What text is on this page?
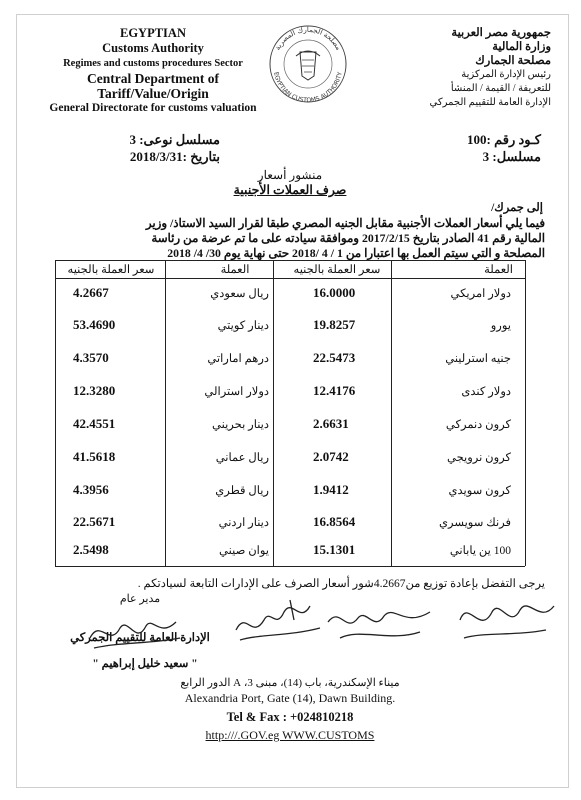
EGYPTIAN
Customs Authority
Regimes and customs procedures Sector
Central Department of
Tariff/Value/Origin
General Directorate for customs valuation
مصلحة الجمارك المصرية
EGYPTIAN CUSTOMS AUTHORITY
جمهورية مصر العربية
وزارة المالية
مصلحة الجمارك
رئيس الإدارة المركزية
للتعريفة / القيمة / المنشأ
الإدارة العامة للتقييم الجمركي
كـود رقم :100
مسلسل: 3
مسلسل نوعى: 3
بتاريخ :2018/3/31
منشور أسعار
صرف العملات الأجنبية
إلى جمرك/
فيما يلي أسعار العملات الأجنبية مقابل الجنيه المصري طبقا لقرار السيد الاستاذ/ وزير
المالية رقم 41 الصادر بتاريخ 2017/2/15 وموافقة سيادته على ما تم عرضة من رئاسة
المصلحة و التي سيتم العمل بها اعتبارا من 1 / 4 /2018 حتى نهاية يوم 30/ 4/ 2018
العملة
سعر العملة بالجنيه
العملة
سعر العملة بالجنيه
دولار امريكي
16.0000
ريال سعودي
4.2667
يورو
19.8257
دينار كويتي
53.4690
جنيه استرليني
22.5473
درهم اماراتي
4.3570
دولار كندى
12.4176
دولار استرالي
12.3280
كرون دنمركي
2.6631
دينار بحريني
42.4551
كرون نرويجي
2.0742
ريال عماني
41.5618
كرون سويدي
1.9412
ريال قطري
4.3956
فرنك سويسري
16.8564
دينار اردني
22.5671
100 ين ياباني
15.1301
يوان صيني
2.5498
يرجى التفضل بإعادة توزيع من4.2667شور أسعار الصرف على الإدارات التابعة لسيادتكم .
مدير عام
الإدارة العامة للتقييم الجمركي
" سعيد خليل إبراهيم "
ميناء الإسكندرية، باب (14)، مبنى 3، A الدور الرابع
Alexandria Port, Gate (14), Dawn Building.
Tel & Fax : +024810218
http:///.GOV.eg WWW.CUSTOMS
